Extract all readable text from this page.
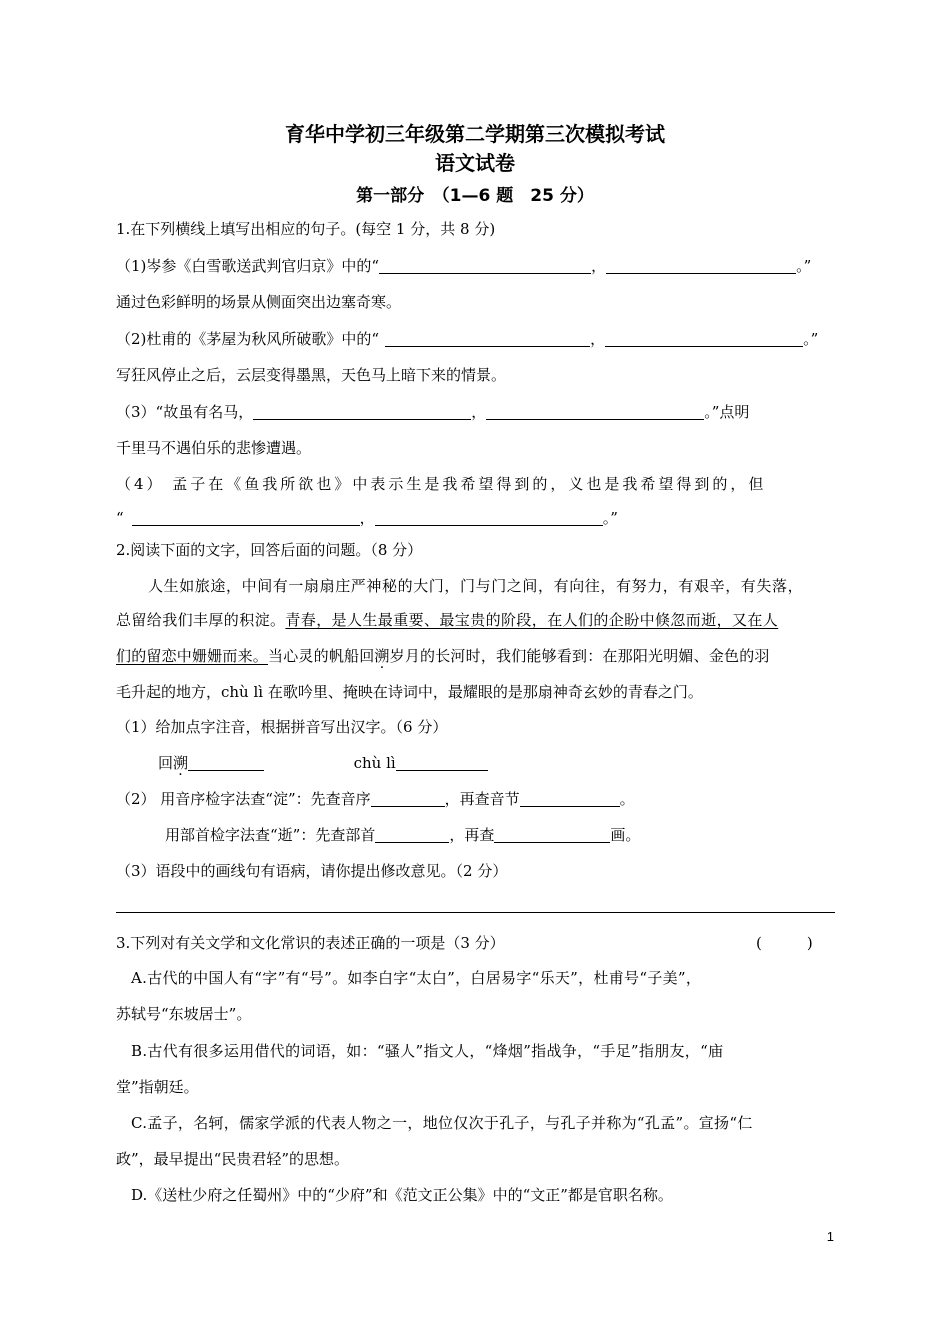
育华中学初三年级第二学期第三次模拟考试
语文试卷
第一部分　（1—6 题　25 分）
1.在下列横线上填写出相应的句子。(每空 1 分，共 8 分)
（1)岑参《白雪歌送武判官归京》中的“	，	。”
通过色彩鲜明的场景从侧面突出边塞奇寒。
（2)杜甫的《茅屋为秋风所破歌》中的“	，	。”
写狂风停止之后，云层变得墨黑，天色马上暗下来的情景。
（3）“故虽有名马，	，	。”点明
千里马不遇伯乐的悲惨遭遇。
（4） 孟子在《鱼我所欲也》中表示生是我希望得到的，义也是我希望得到的，但
“	，	。”
2.阅读下面的文字，回答后面的问题。（8 分）
人生如旅途，中间有一扇扇庄严神秘的大门，门与门之间，有向往，有努力，有艰辛，有失落，
总留给我们丰厚的积淀。青春，是人生最重要、最宝贵的阶段，在人们的企盼中倏忽而逝，又在人
们的留恋中姗姗而来。当心灵的帆船回溯岁月的长河时，我们能够看到：在那阳光明媚、金色的羽
毛升起的地方，chù lì 在歌吟里、掩映在诗词中，最耀眼的是那扇神奇玄妙的青春之门。
（1）给加点字注音，根据拼音写出汉字。（6 分）
回溯	chù lì
（2） 用音序检字法查“淀”：先查音序	，再查音节	。
用部首检字法查“逝”：先查部首	，再查	画。
（3）语段中的画线句有语病，请你提出修改意见。（2 分）
3.下列对有关文学和文化常识的表述正确的一项是（3 分）	(　　　)
A.古代的中国人有“字”有“号”。如李白字“太白”，白居易字“乐天”，杜甫号“子美”，
苏轼号“东坡居士”。
B.古代有很多运用借代的词语，如：“骚人”指文人，“烽烟”指战争，“手足”指朋友，“庙
堂”指朝廷。
C.孟子，名轲，儒家学派的代表人物之一，地位仅次于孔子，与孔子并称为“孔孟”。宣扬“仁
政”，最早提出“民贵君轻”的思想。
D.《送杜少府之任蜀州》中的“少府”和《范文正公集》中的“文正”都是官职名称。
1
